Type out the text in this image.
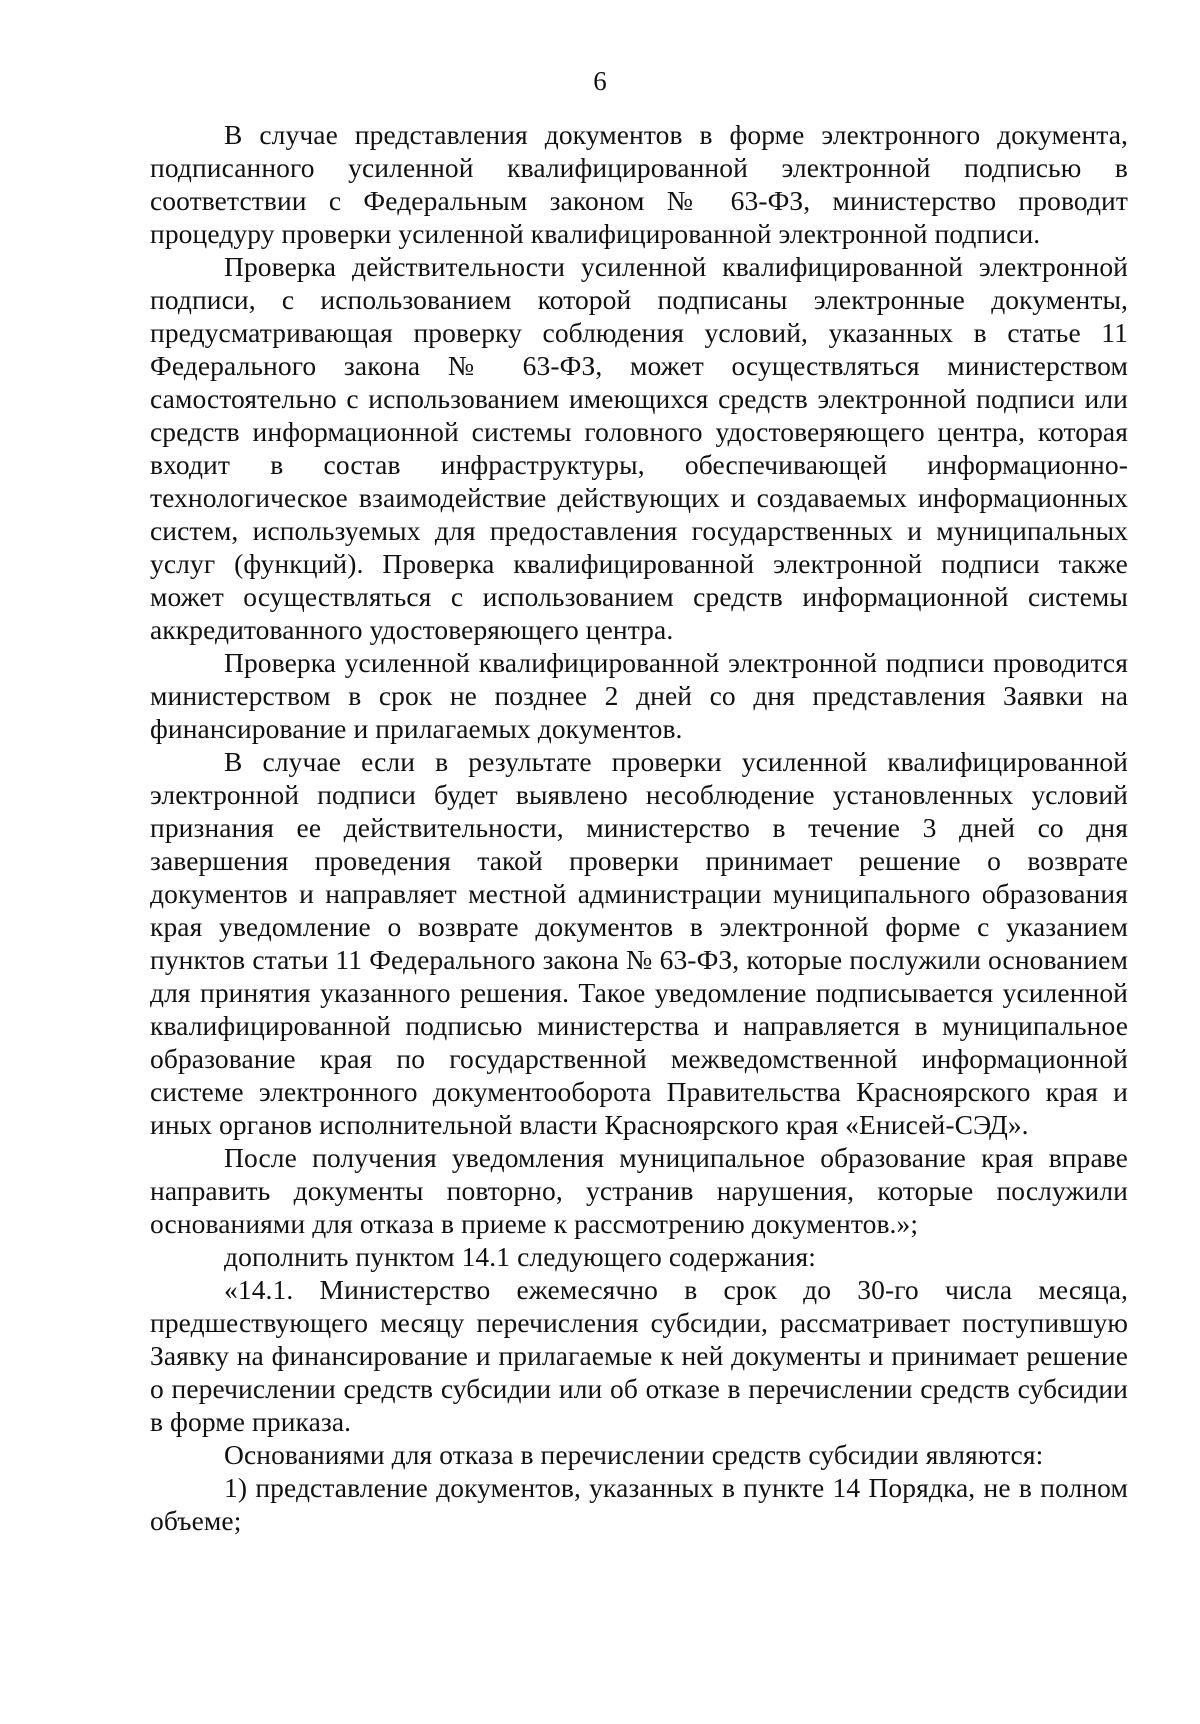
6

В случае представления документов в форме электронного документа, подписанного усиленной квалифицированной электронной подписью в соответствии с Федеральным законом № 63-ФЗ, министерство проводит процедуру проверки усиленной квалифицированной электронной подписи.

Проверка действительности усиленной квалифицированной электронной подписи, с использованием которой подписаны электронные документы, предусматривающая проверку соблюдения условий, указанных в статье 11 Федерального закона № 63-ФЗ, может осуществляться министерством самостоятельно с использованием имеющихся средств электронной подписи или средств информационной системы головного удостоверяющего центра, которая входит в состав инфраструктуры, обеспечивающей информационно-технологическое взаимодействие действующих и создаваемых информационных систем, используемых для предоставления государственных и муниципальных услуг (функций). Проверка квалифицированной электронной подписи также может осуществляться с использованием средств информационной системы аккредитованного удостоверяющего центра.

Проверка усиленной квалифицированной электронной подписи проводится министерством в срок не позднее 2 дней со дня представления Заявки на финансирование и прилагаемых документов.

В случае если в результате проверки усиленной квалифицированной электронной подписи будет выявлено несоблюдение установленных условий признания ее действительности, министерство в течение 3 дней со дня завершения проведения такой проверки принимает решение о возврате документов и направляет местной администрации муниципального образования края уведомление о возврате документов в электронной форме с указанием пунктов статьи 11 Федерального закона № 63-ФЗ, которые послужили основанием для принятия указанного решения. Такое уведомление подписывается усиленной квалифицированной подписью министерства и направляется в муниципальное образование края по государственной межведомственной информационной системе электронного документооборота Правительства Красноярского края и иных органов исполнительной власти Красноярского края «Енисей-СЭД».

После получения уведомления муниципальное образование края вправе направить документы повторно, устранив нарушения, которые послужили основаниями для отказа в приеме к рассмотрению документов.»;

дополнить пунктом 14.1 следующего содержания:

«14.1. Министерство ежемесячно в срок до 30-го числа месяца, предшествующего месяцу перечисления субсидии, рассматривает поступившую Заявку на финансирование и прилагаемые к ней документы и принимает решение о перечислении средств субсидии или об отказе в перечислении средств субсидии в форме приказа.

Основаниями для отказа в перечислении средств субсидии являются:

1) представление документов, указанных в пункте 14 Порядка, не в полном объеме;
